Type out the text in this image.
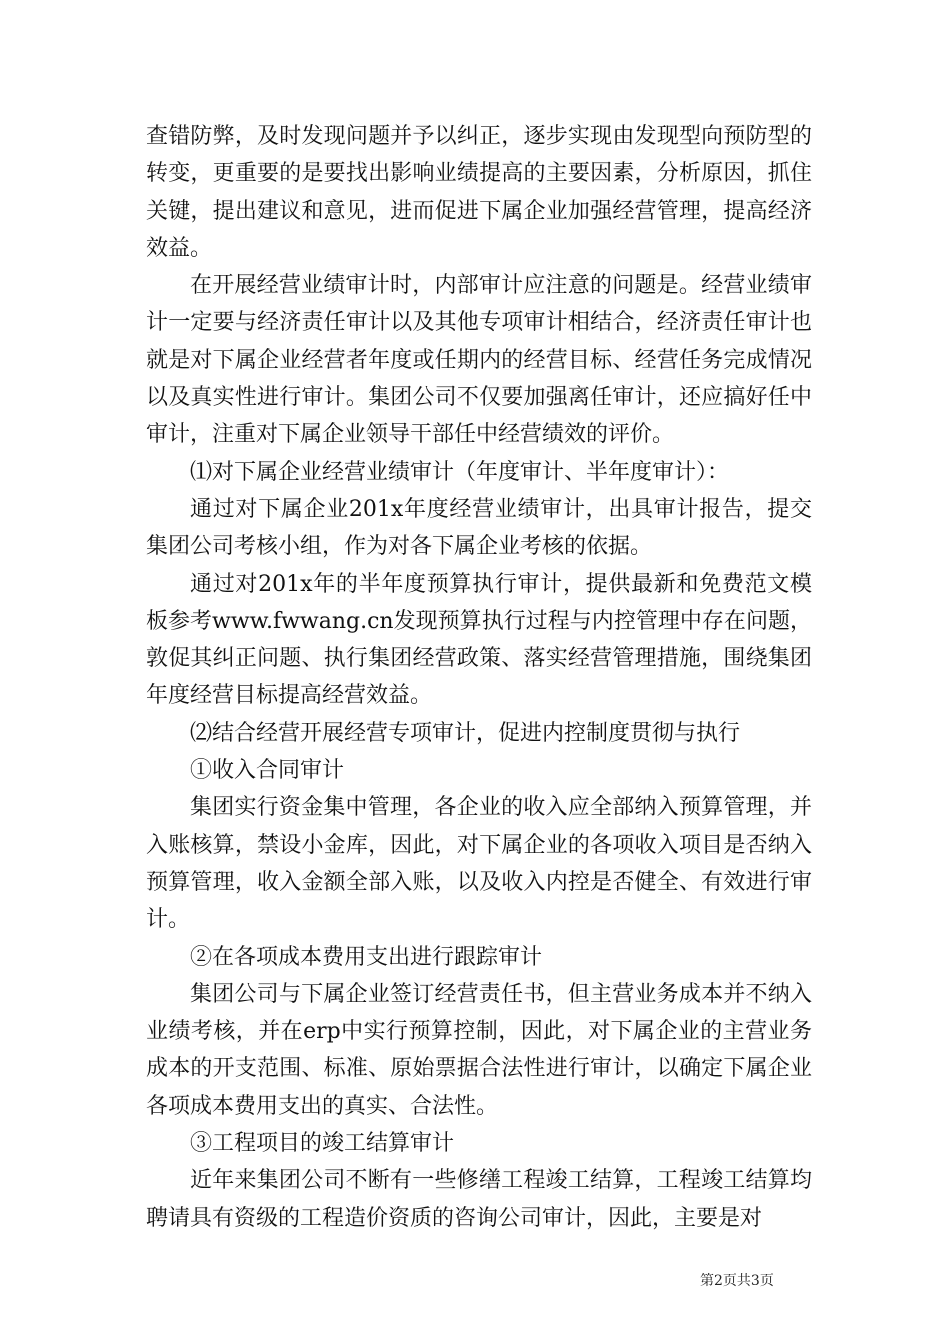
查错防弊，及时发现问题并予以纠正，逐步实现由发现型向预防型的转变，更重要的是要找出影响业绩提高的主要因素，分析原因，抓住关键，提出建议和意见，进而促进下属企业加强经营管理，提高经济效益。

在开展经营业绩审计时，内部审计应注意的问题是。经营业绩审计一定要与经济责任审计以及其他专项审计相结合，经济责任审计也就是对下属企业经营者年度或任期内的经营目标、经营任务完成情况以及真实性进行审计。集团公司不仅要加强离任审计，还应搞好任中审计，注重对下属企业领导干部任中经营绩效的评价。

⑴对下属企业经营业绩审计（年度审计、半年度审计）：

通过对下属企业201x年度经营业绩审计，出具审计报告，提交集团公司考核小组，作为对各下属企业考核的依据。

通过对201x年的半年度预算执行审计，提供最新和免费范文模板参考www.fwwang.cn发现预算执行过程与内控管理中存在问题，敦促其纠正问题、执行集团经营政策、落实经营管理措施，围绕集团年度经营目标提高经营效益。

⑵结合经营开展经营专项审计，促进内控制度贯彻与执行

①收入合同审计

集团实行资金集中管理，各企业的收入应全部纳入预算管理，并入账核算，禁设小金库，因此，对下属企业的各项收入项目是否纳入预算管理，收入金额全部入账，以及收入内控是否健全、有效进行审计。

②在各项成本费用支出进行跟踪审计

集团公司与下属企业签订经营责任书，但主营业务成本并不纳入业绩考核，并在erp中实行预算控制，因此，对下属企业的主营业务成本的开支范围、标准、原始票据合法性进行审计，以确定下属企业各项成本费用支出的真实、合法性。

③工程项目的竣工结算审计

近年来集团公司不断有一些修缮工程竣工结算，工程竣工结算均聘请具有资级的工程造价资质的咨询公司审计，因此，主要是对

第2页共3页
